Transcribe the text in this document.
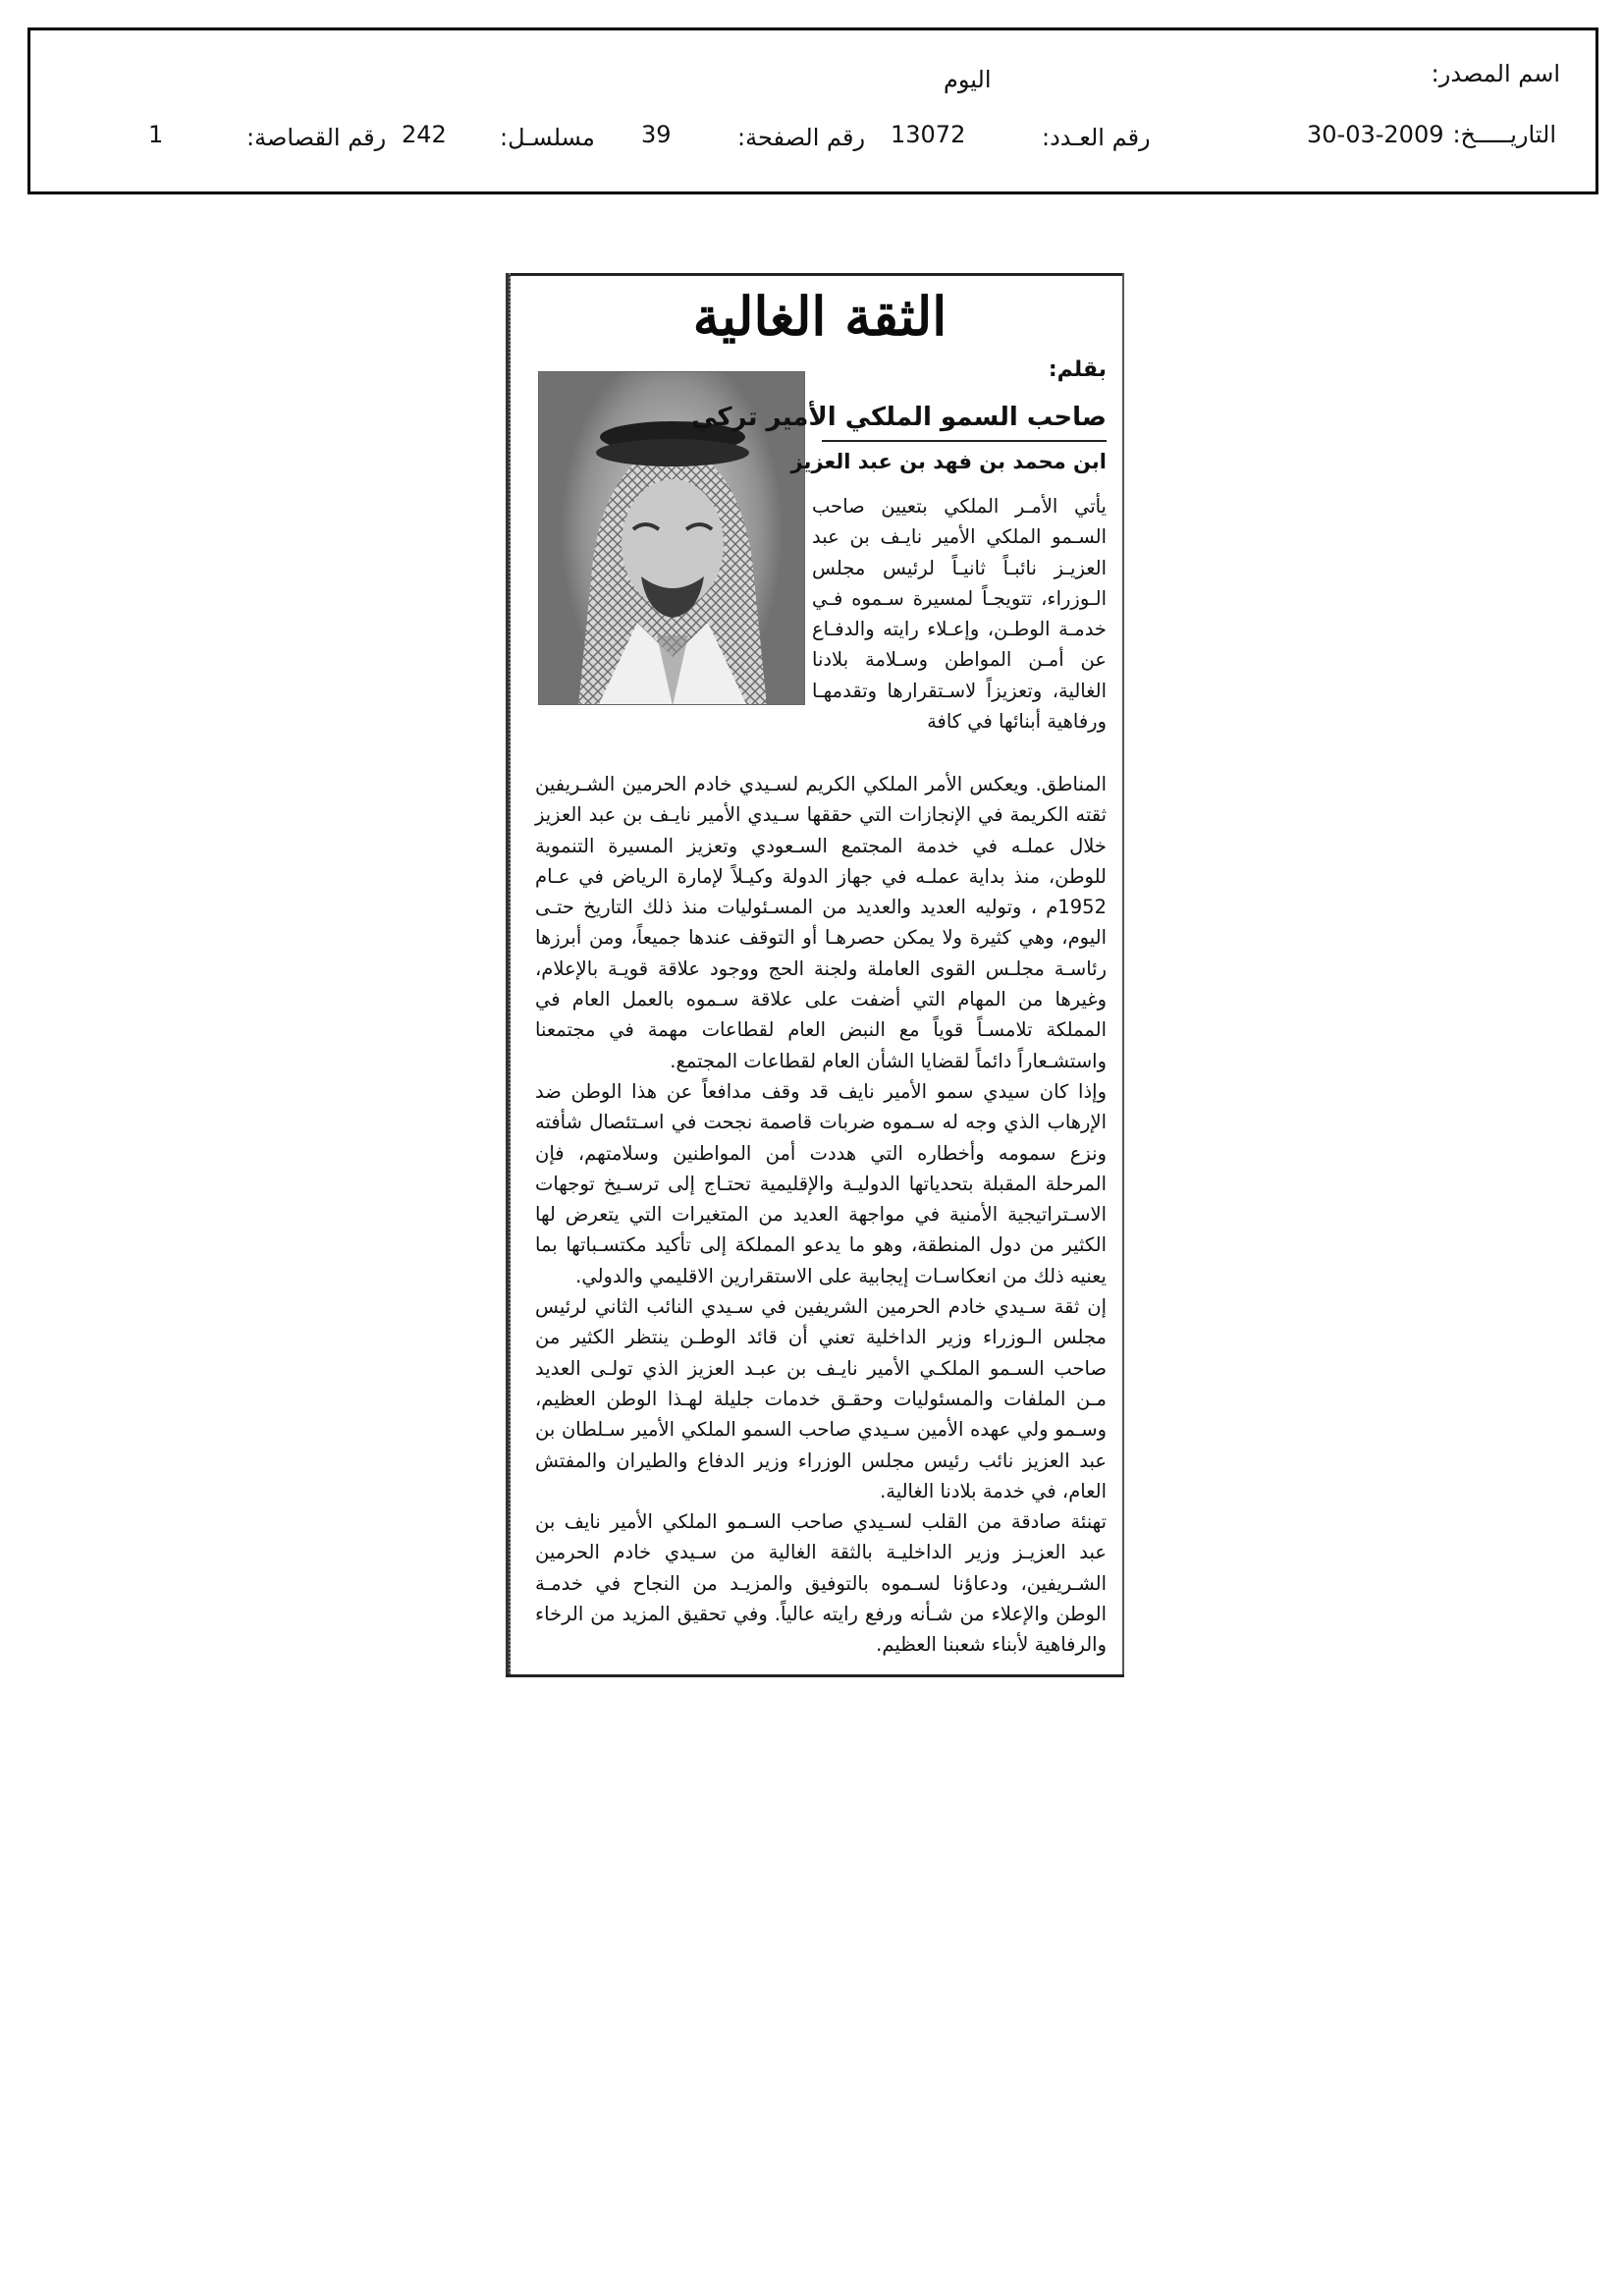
اسم المصدر:
اليوم
التاريـــــخ:
30-03-2009
رقم العـدد:
13072
رقم الصفحة:
39
مسلسـل:
242
رقم القصاصة:
1
الثقة الغالية
بقلم:
صاحب السمو الملكي الأمير تركي
ابن محمد بن فهد بن عبد العزيز

يأتي الأمـر الملكي بتعيين صاحب السـمو الملكي الأمير نايـف بن عبد العزيـز نائبـاً ثانيـاً لرئيس مجلس الـوزراء، تتويجـاً لمسيرة سـموه فـي خدمـة الوطـن، وإعـلاء رايته والدفـاع عن أمـن المواطن وسـلامة بلادنا الغالية، وتعزيزاً لاسـتقرارها وتقدمهـا ورفاهية أبنائها في كافة

المناطق. ويعكس الأمر الملكي الكريم لسـيدي خادم الحرمين الشـريفين ثقته الكريمة في الإنجازات التي حققها سـيدي الأمير نايـف بن عبد العزيز خلال عملـه في خدمة المجتمع السـعودي وتعزيز المسيرة التنموية للوطن، منذ بداية عملـه في جهاز الدولة وكيـلاً لإمارة الرياض في عـام 1952م ، وتوليه العديد والعديد من المسـئوليات منذ ذلك التاريخ حتـى اليوم، وهي كثيرة ولا يمكن حصرهـا أو التوقف عندها جميعاً، ومن أبرزها رئاسـة مجلـس القوى العاملة ولجنة الحج ووجود علاقة قويـة بالإعلام، وغيرها من المهام التي أضفت على علاقة سـموه بالعمل العام في المملكة تلامسـاً قوياً مع النبض العام لقطاعات مهمة في مجتمعنا واستشـعاراً دائماً لقضايا الشأن العام لقطاعات المجتمع.

وإذا كان سيدي سمو الأمير نايف قد وقف مدافعاً عن هذا الوطن ضد الإرهاب الذي وجه له سـموه ضربات قاصمة نجحت في اسـتئصال شأفته ونزع سمومه وأخطاره التي هددت أمن المواطنين وسلامتهم، فإن المرحلة المقبلة بتحدياتها الدوليـة والإقليمية تحتـاج إلى ترسـيخ توجهات الاسـتراتيجية الأمنية في مواجهة العديد من المتغيرات التي يتعرض لها الكثير من دول المنطقة، وهو ما يدعو المملكة إلى تأكيد مكتسـباتها بما يعنيه ذلك من انعكاسـات إيجابية على الاستقرارين الاقليمي والدولي.

إن ثقة سـيدي خادم الحرمين الشريفين في سـيدي النائب الثاني لرئيس مجلس الـوزراء وزير الداخلية تعني أن قائد الوطـن ينتظر الكثير من صاحب السـمو الملكـي الأمير نايـف بن عبـد العزيز الذي تولـى العديد مـن الملفات والمسئوليات وحقـق خدمات جليلة لهـذا الوطن العظيم، وسـمو ولي عهده الأمين سـيدي صاحب السمو الملكي الأمير سـلطان بن عبد العزيز نائب رئيس مجلس الوزراء وزير الدفاع والطيران والمفتش العام، في خدمة بلادنا الغالية.

تهنئة صادقة من القلب لسـيدي صاحب السـمو الملكي الأمير نايف بن عبد العزيـز وزير الداخليـة بالثقة الغالية من سـيدي خادم الحرمين الشـريفين، ودعاؤنا لسـموه بالتوفيق والمزيـد من النجاح في خدمـة الوطن والإعلاء من شـأنه ورفع رايته عالياً. وفي تحقيق المزيد من الرخاء والرفاهية لأبناء شعبنا العظيم.
